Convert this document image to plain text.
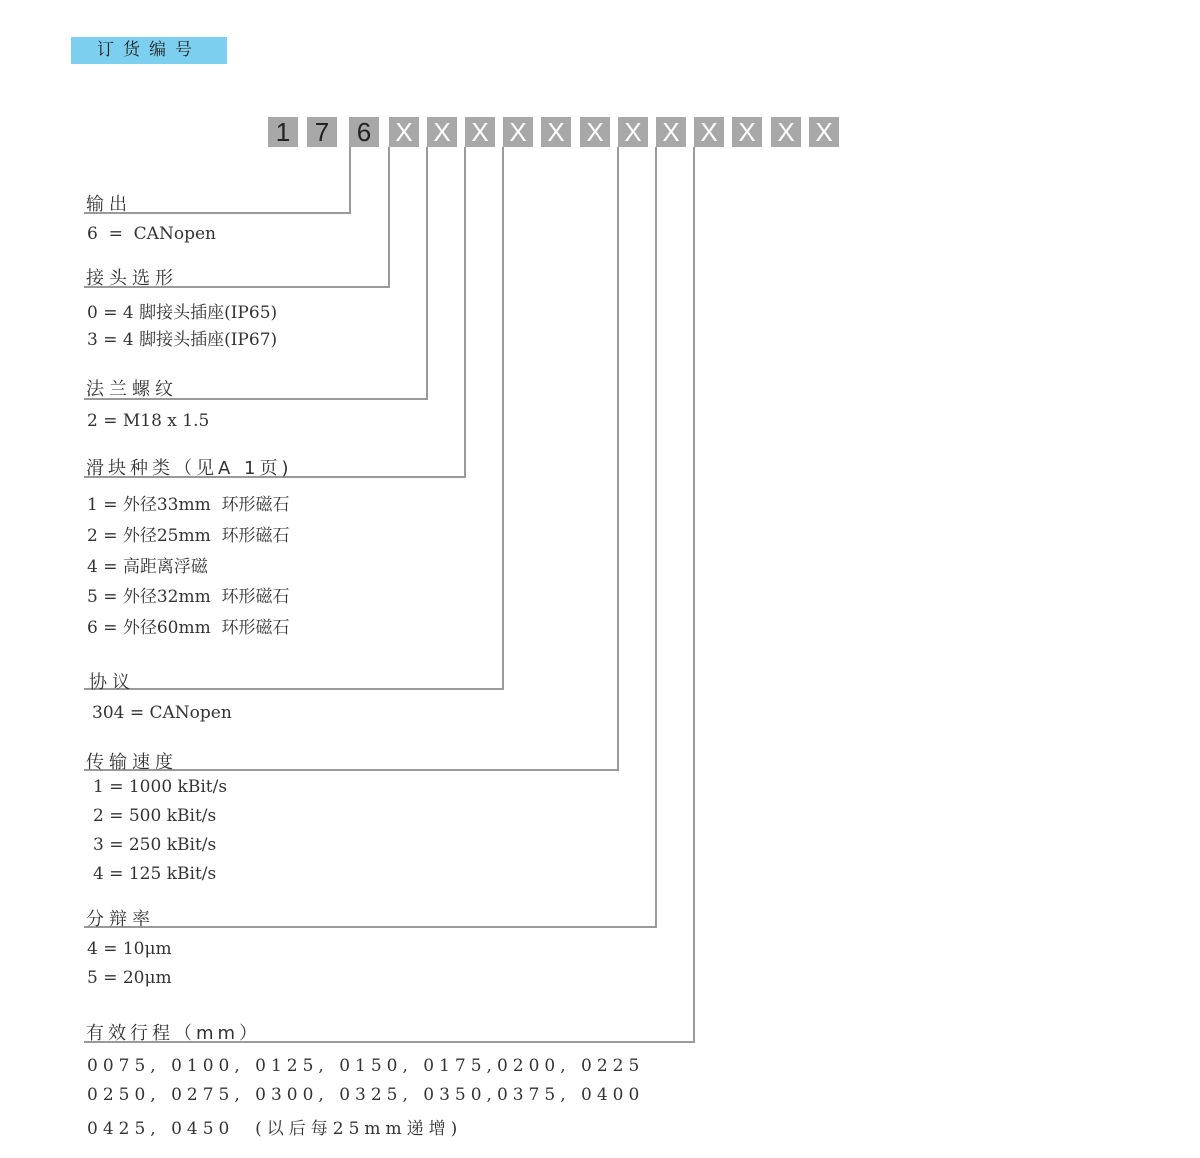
订货编号
1 7 6 X X X X X X X X X X X X
输出
6  =  CANopen
接头选形
0 = 4 脚接头插座(IP65)
3 = 4 脚接头插座(IP67)
法兰螺纹
2 = M18 x 1.5
滑块种类（见A 1页)
1 = 外径33mm  环形磁石
2 = 外径25mm  环形磁石
4 = 高距离浮磁
5 = 外径32mm  环形磁石
6 = 外径60mm  环形磁石
协议
304 = CANopen
传输速度
1 = 1000 kBit/s
2 = 500 kBit/s
3 = 250 kBit/s
4 = 125 kBit/s
分辩率
4 = 10μm
5 = 20μm
有效行程（mm）
0075, 0100, 0125, 0150, 0175,0200, 0225
0250, 0275, 0300, 0325, 0350,0375, 0400
0425, 0450  (以后每25mm递增)
